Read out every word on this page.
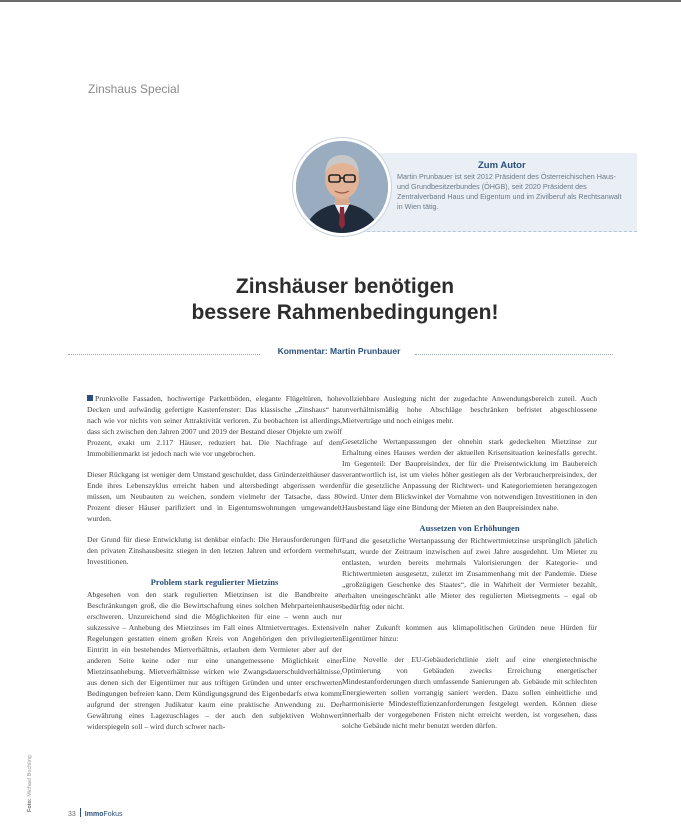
Zinshaus Special
Zum Autor
Martin Prunbauer ist seit 2012 Präsident des Österreichischen Haus- und Grundbesitzerbundes (ÖHGB), seit 2020 Präsident des Zentralverband Haus und Eigentum und im Zivilberuf als Rechtsanwalt in Wien tätig.
Zinshäuser benötigen
bessere Rahmenbedingungen!
Kommentar: Martin Prunbauer

Prunkvolle Fassaden, hochwertige Parkettböden, elegante Flügeltüren, hohe Decken und aufwändig gefertigte Kastenfenster: Das klassische „Zinshaus“ hat nach wie vor nichts von seiner Attraktivität verloren. Zu beobachten ist allerdings, dass sich zwischen den Jahren 2007 und 2019 der Bestand dieser Objekte um zwölf Prozent, exakt um 2.117 Häuser, reduziert hat. Die Nachfrage auf dem Immobilienmarkt ist jedoch nach wie vor ungebrochen.

Dieser Rückgang ist weniger dem Umstand geschuldet, dass Gründerzeithäuser das Ende ihres Lebenszyklus erreicht haben und altersbedingt abgerissen werden müssen, um Neubauten zu weichen, sondern vielmehr der Tatsache, dass 80 Prozent dieser Häuser parifiziert und in Eigentumswohnungen umgewandelt wurden.

Der Grund für diese Entwicklung ist denkbar einfach: Die Herausforderungen für den privaten Zinshausbesitz stiegen in den letzten Jahren und erfordern vermehrt Investitionen.

Problem stark regulierter Mietzins

Abgesehen von den stark regulierten Mietzinsen ist die Bandbreite an Beschränkungen groß, die die Bewirtschaftung eines solchen Mehrparteienhauses erschweren. Unzureichend sind die Möglichkeiten für eine – wenn auch nur sukzessive – Anhebung des Mietzinses im Fall eines Altmietvertrages. Extensive Regelungen gestatten einem großen Kreis von Angehörigen den privilegierten Eintritt in ein bestehendes Mietverhältnis, erlauben dem Vermieter aber auf der anderen Seite keine oder nur eine unangemessene Möglichkeit einer Mietzinsanhebung. Mietverhältnisse wirken wie Zwangsdauerschuldverhältnisse, aus denen sich der Eigentümer nur aus triftigen Gründen und unter erschwerten Bedingungen befreien kann. Dem Kündigungsgrund des Eigenbedarfs etwa kommt aufgrund der strengen Judikatur kaum eine praktische Anwendung zu. Der Gewährung eines Lagezuschlages – der auch den subjektiven Wohnwert widerspiegeln soll – wird durch schwer nach-

vollziehbare Auslegung nicht der zugedachte Anwendungsbereich zuteil. Auch unverhältnismäßig hohe Abschläge beschränken befristet abgeschlossene Mietverträge und noch einiges mehr.

Gesetzliche Wertanpassungen der ohnehin stark gedeckelten Mietzinse zur Erhaltung eines Hauses werden der aktuellen Krisensituation keinesfalls gerecht. Im Gegenteil: Der Baupreisindex, der für die Preisentwicklung im Baubereich verantwortlich ist, ist um vieles höher gestiegen als der Verbraucherpreisindex, der für die gesetzliche Anpassung der Richtwert- und Kategoriemieten herangezogen wird. Unter dem Blickwinkel der Vornahme von notwendigen Investitionen in den Hausbestand läge eine Bindung der Mieten an den Baupreisindex nahe.

Aussetzen von Erhöhungen

Fand die gesetzliche Wertanpassung der Richtwertmietzinse ursprünglich jährlich statt, wurde der Zeitraum inzwischen auf zwei Jahre ausgedehnt. Um Mieter zu entlasten, wurden bereits mehrmals Valorisierungen der Kategorie- und Richtwertmieten ausgesetzt, zuletzt im Zusammenhang mit der Pandemie. Diese „großzügigen Geschenke des Staates“, die in Wahrheit der Vermieter bezahlt, erhalten uneingeschränkt alle Mieter des regulierten Mietsegments – egal ob bedürftig oder nicht.

In naher Zukunft kommen aus klimapolitischen Gründen neue Hürden für Eigentümer hinzu:

Eine Novelle der EU-Gebäuderichtlinie zielt auf eine energietechnische Optimierung von Gebäuden zwecks Erreichung energetischer Mindestanforderungen durch umfassende Sanierungen ab. Gebäude mit schlechten Energiewerten sollen vorrangig saniert werden. Dazu sollen einheitliche und harmonisierte Mindesteffizienzanforderungen festgelegt werden. Können diese innerhalb der vorgegebenen Fristen nicht erreicht werden, ist vorgesehen, dass solche Gebäude nicht mehr benutzt werden dürfen.

Foto: Michael Buchling
33 ImmoFokus
